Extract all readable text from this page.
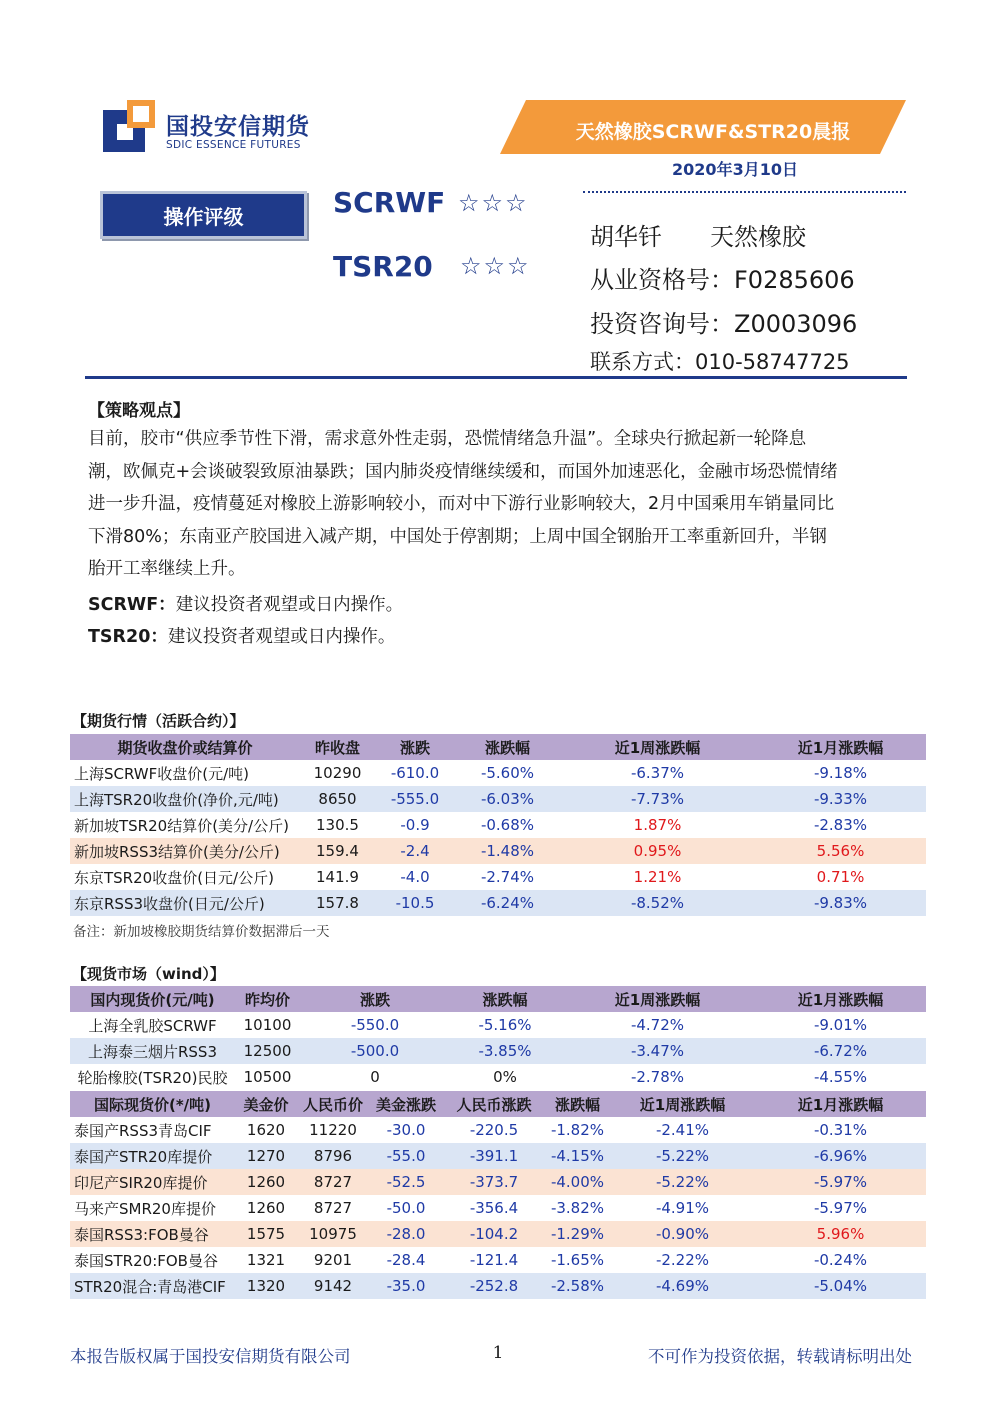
国投安信期货
SDIC ESSENCE FUTURES
天然橡胶SCRWF&STR20晨报
2020年3月10日
操作评级	SCRWF ☆☆☆
TSR20 ☆☆☆
胡华钎　　天然橡胶
从业资格号：F0285606
投资咨询号：Z0003096
联系方式：010-58747725
【策略观点】
目前，胶市“供应季节性下滑，需求意外性走弱，恐慌情绪急升温”。全球央行掀起新一轮降息
潮，欧佩克+会谈破裂致原油暴跌；国内肺炎疫情继续缓和，而国外加速恶化，金融市场恐慌情绪
进一步升温，疫情蔓延对橡胶上游影响较小，而对中下游行业影响较大，2月中国乘用车销量同比
下滑80%；东南亚产胶国进入减产期，中国处于停割期；上周中国全钢胎开工率重新回升，半钢
胎开工率继续上升。
SCRWF：建议投资者观望或日内操作。
TSR20：建议投资者观望或日内操作。
【期货行情（活跃合约）】
期货收盘价或结算价	昨收盘	涨跌	涨跌幅	近1周涨跌幅	近1月涨跌幅
上海SCRWF收盘价(元/吨)	10290	-610.0	-5.60%	-6.37%	-9.18%
上海TSR20收盘价(净价,元/吨)	8650	-555.0	-6.03%	-7.73%	-9.33%
新加坡TSR20结算价(美分/公斤)	130.5	-0.9	-0.68%	1.87%	-2.83%
新加坡RSS3结算价(美分/公斤)	159.4	-2.4	-1.48%	0.95%	5.56%
东京TSR20收盘价(日元/公斤)	141.9	-4.0	-2.74%	1.21%	0.71%
东京RSS3收盘价(日元/公斤)	157.8	-10.5	-6.24%	-8.52%	-9.83%
备注：新加坡橡胶期货结算价数据滞后一天
【现货市场（wind）】
国内现货价(元/吨)	昨均价	涨跌	涨跌幅	近1周涨跌幅	近1月涨跌幅
上海全乳胶SCRWF	10100	-550.0	-5.16%	-4.72%	-9.01%
上海泰三烟片RSS3	12500	-500.0	-3.85%	-3.47%	-6.72%
轮胎橡胶(TSR20)民胶	10500	0	0%	-2.78%	-4.55%
国际现货价(*/吨)	美金价	人民币价	美金涨跌	人民币涨跌	涨跌幅	近1周涨跌幅	近1月涨跌幅
泰国产RSS3青岛CIF	1620	11220	-30.0	-220.5	-1.82%	-2.41%	-0.31%
泰国产STR20库提价	1270	8796	-55.0	-391.1	-4.15%	-5.22%	-6.96%
印尼产SIR20库提价	1260	8727	-52.5	-373.7	-4.00%	-5.22%	-5.97%
马来产SMR20库提价	1260	8727	-50.0	-356.4	-3.82%	-4.91%	-5.97%
泰国RSS3:FOB曼谷	1575	10975	-28.0	-104.2	-1.29%	-0.90%	5.96%
泰国STR20:FOB曼谷	1321	9201	-28.4	-121.4	-1.65%	-2.22%	-0.24%
STR20混合:青岛港CIF	1320	9142	-35.0	-252.8	-2.58%	-4.69%	-5.04%
本报告版权属于国投安信期货有限公司	1	不可作为投资依据，转载请标明出处
